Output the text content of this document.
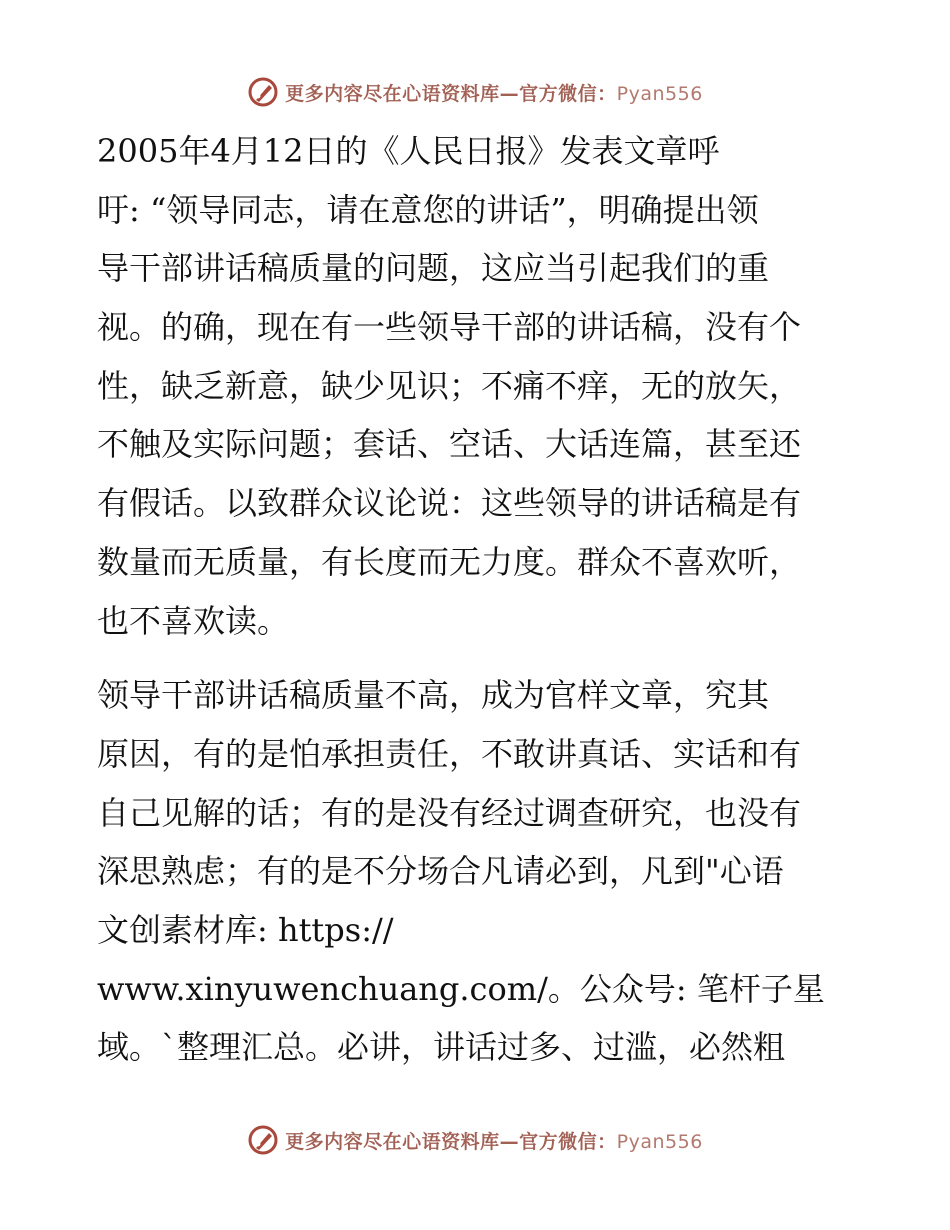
更多内容尽在心语资料库—官方微信：Pyan556
2005年4月12日的《人民日报》发表文章呼
吁: “领导同志，请在意您的讲话”，明确提出领
导干部讲话稿质量的问题，这应当引起我们的重
视。的确，现在有一些领导干部的讲话稿，没有个
性，缺乏新意，缺少见识；不痛不痒，无的放矢，
不触及实际问题；套话、空话、大话连篇，甚至还
有假话。以致群众议论说：这些领导的讲话稿是有
数量而无质量，有长度而无力度。群众不喜欢听，
也不喜欢读。
领导干部讲话稿质量不高，成为官样文章，究其
原因，有的是怕承担责任，不敢讲真话、实话和有
自己见解的话；有的是没有经过调查研究，也没有
深思熟虑；有的是不分场合凡请必到，凡到"心语
文创素材库: https://
www.xinyuwenchuang.com/。公众号: 笔杆子星
域。`整理汇总。必讲，讲话过多、过滥，必然粗
更多内容尽在心语资料库—官方微信：Pyan556
